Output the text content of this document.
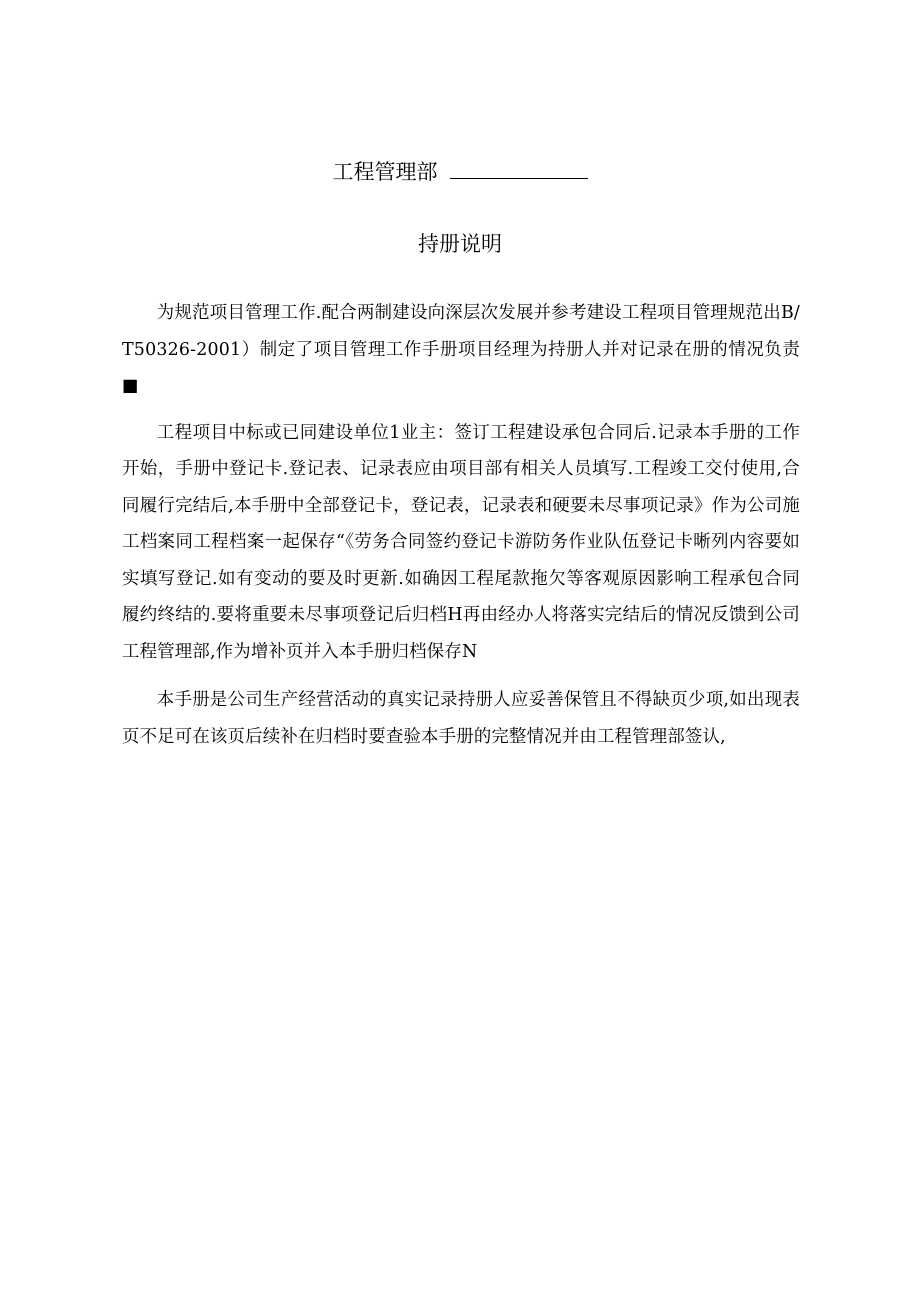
工程管理部
持册说明

为规范项目管理工作.配合两制建设向深层次发展并参考建设工程项目管理规范出B/T50326-2001）制定了项目管理工作手册项目经理为持册人并对记录在册的情况负责■

工程项目中标或已同建设单位1业主：签订工程建设承包合同后.记录本手册的工作开始，手册中登记卡.登记表、记录表应由项目部有相关人员填写.工程竣工交付使用,合同履行完结后,本手册中全部登记卡，登记表，记录表和硬要未尽事项记录》作为公司施工档案同工程档案一起保存“《劳务合同签约登记卡游防务作业队伍登记卡晰列内容要如实填写登记.如有变动的要及时更新.如确因工程尾款拖欠等客观原因影响工程承包合同履约终结的.要将重要未尽事项登记后归档H再由经办人将落实完结后的情况反馈到公司工程管理部,作为增补页并入本手册归档保存N

本手册是公司生产经营活动的真实记录持册人应妥善保管且不得缺页少项,如出现表页不足可在该页后续补在归档时要查验本手册的完整情况并由工程管理部签认,
